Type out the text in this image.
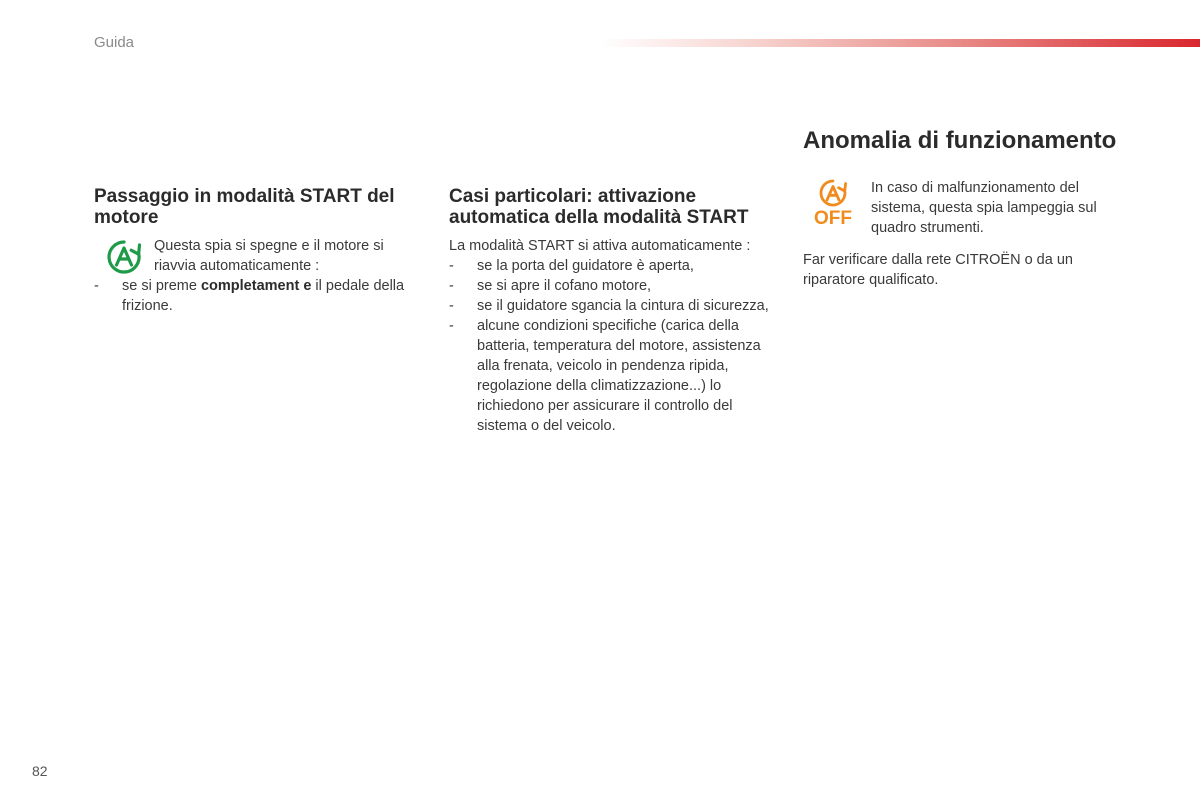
Guida
Passaggio in modalità START del motore

Questa spia si spegne e il motore si riavvia automaticamente :

- se si preme completament e il pedale della frizione.
Casi particolari: attivazione automatica della modalità START

La modalità START si attiva automaticamente :

- se la porta del guidatore è aperta,
- se si apre il cofano motore,
- se il guidatore sgancia la cintura di sicurezza,
- alcune condizioni specifiche (carica della batteria, temperatura del motore, assistenza alla frenata, veicolo in pendenza ripida, regolazione della climatizzazione...) lo richiedono per assicurare il controllo del sistema o del veicolo.
Anomalia di funzionamento
OFF

In caso di malfunzionamento del sistema, questa spia lampeggia sul quadro strumenti.

Far verificare dalla rete CITROËN o da un riparatore qualificato.

82
